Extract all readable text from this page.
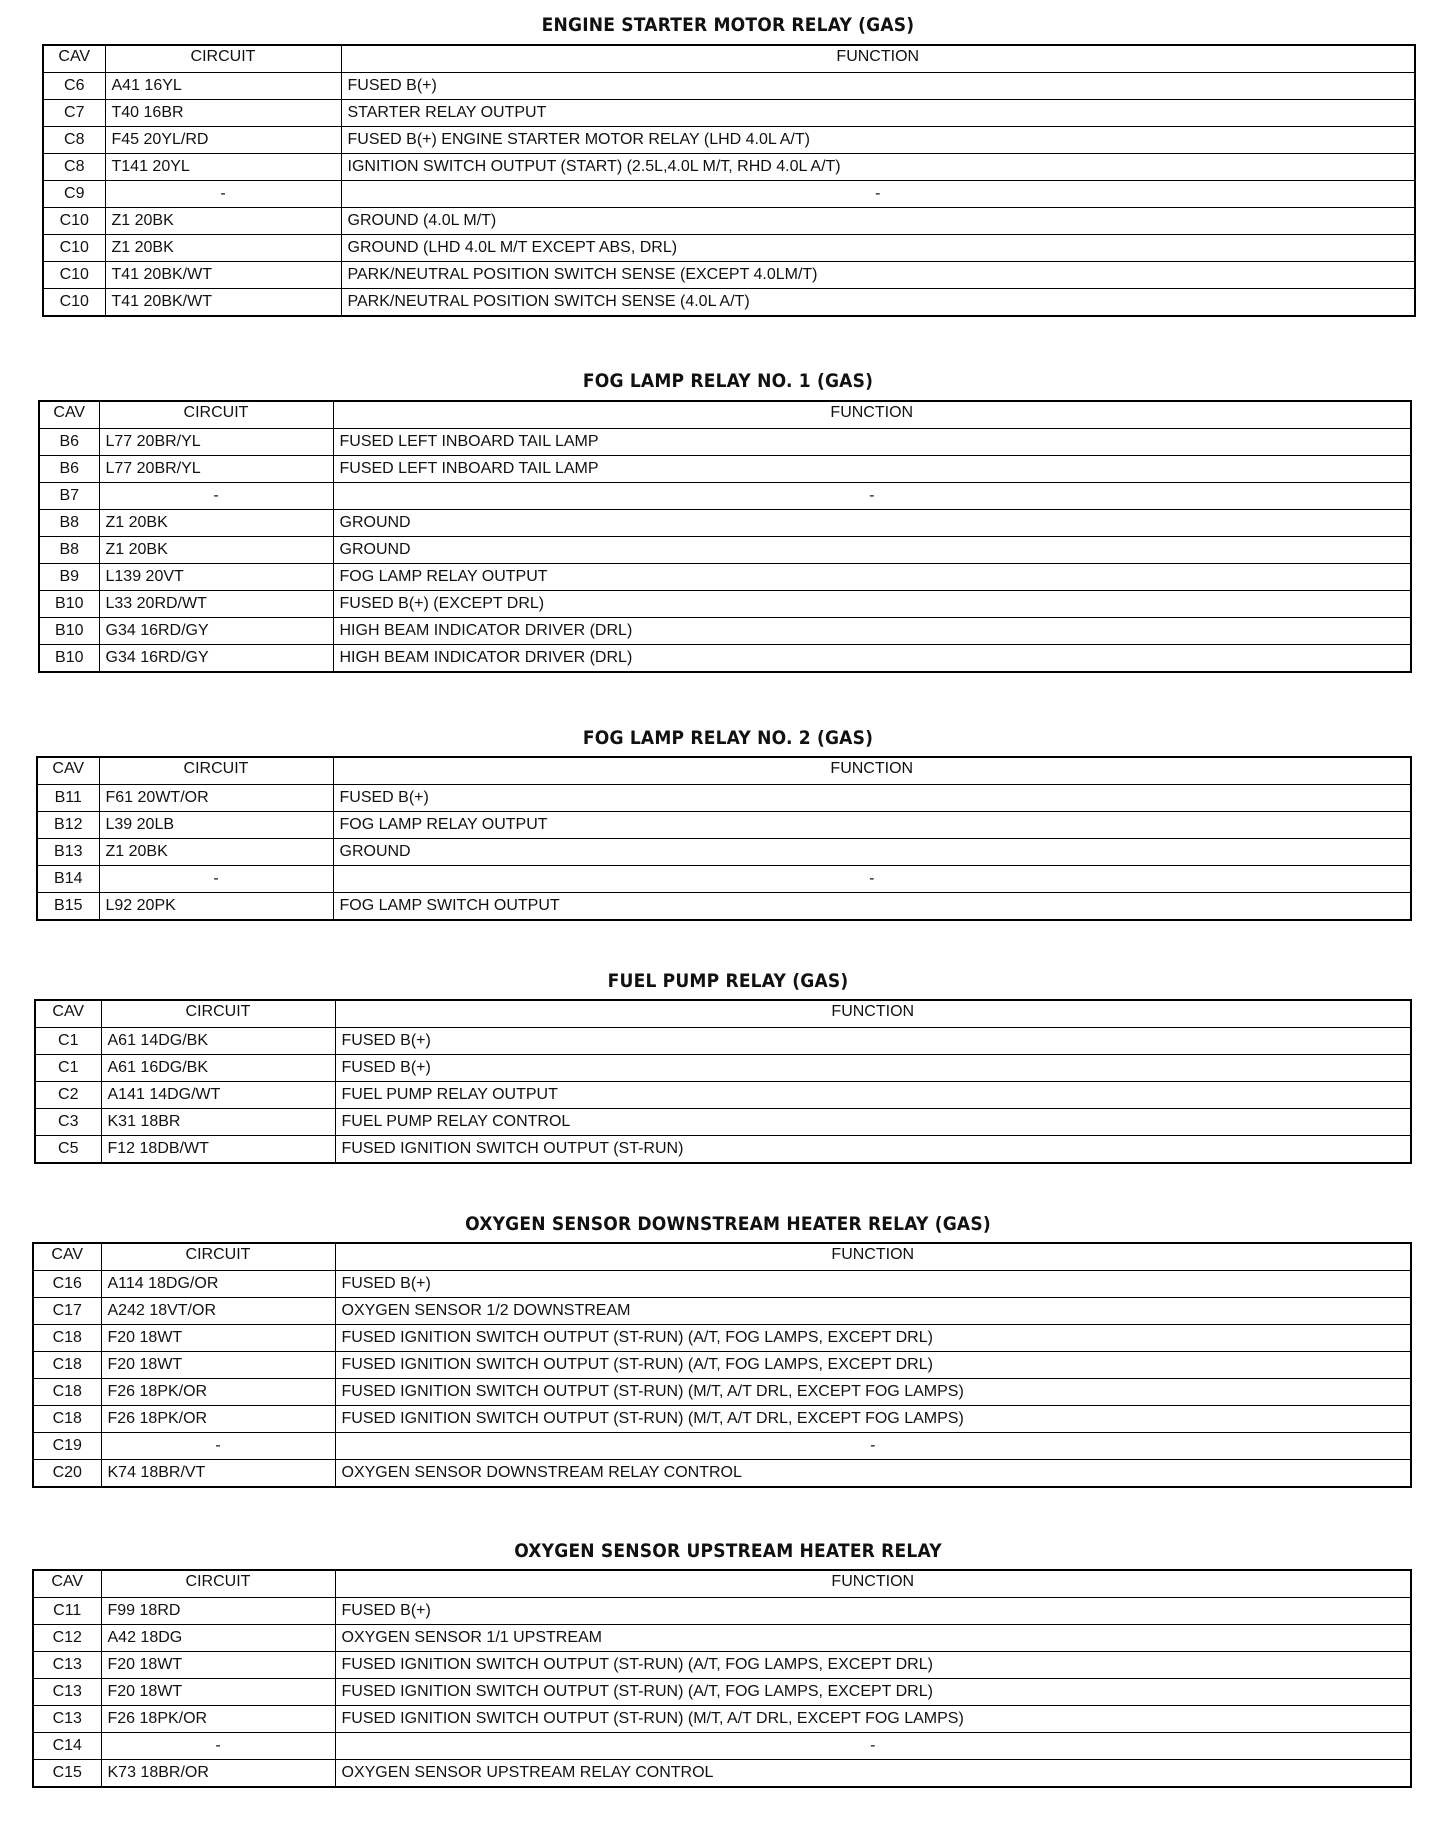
ENGINE STARTER MOTOR RELAY (GAS)
CAV	CIRCUIT	FUNCTION
C6	A41 16YL	FUSED B(+)
C7	T40 16BR	STARTER RELAY OUTPUT
C8	F45 20YL/RD	FUSED B(+) ENGINE STARTER MOTOR RELAY (LHD 4.0L A/T)
C8	T141 20YL	IGNITION SWITCH OUTPUT (START) (2.5L,4.0L M/T, RHD 4.0L A/T)
C9	-	-
C10	Z1 20BK	GROUND (4.0L M/T)
C10	Z1 20BK	GROUND (LHD 4.0L M/T EXCEPT ABS, DRL)
C10	T41 20BK/WT	PARK/NEUTRAL POSITION SWITCH SENSE (EXCEPT 4.0LM/T)
C10	T41 20BK/WT	PARK/NEUTRAL POSITION SWITCH SENSE (4.0L A/T)
FOG LAMP RELAY NO. 1 (GAS)
CAV	CIRCUIT	FUNCTION
B6	L77 20BR/YL	FUSED LEFT INBOARD TAIL LAMP
B6	L77 20BR/YL	FUSED LEFT INBOARD TAIL LAMP
B7	-	-
B8	Z1 20BK	GROUND
B8	Z1 20BK	GROUND
B9	L139 20VT	FOG LAMP RELAY OUTPUT
B10	L33 20RD/WT	FUSED B(+) (EXCEPT DRL)
B10	G34 16RD/GY	HIGH BEAM INDICATOR DRIVER (DRL)
B10	G34 16RD/GY	HIGH BEAM INDICATOR DRIVER (DRL)
FOG LAMP RELAY NO. 2 (GAS)
CAV	CIRCUIT	FUNCTION
B11	F61 20WT/OR	FUSED B(+)
B12	L39 20LB	FOG LAMP RELAY OUTPUT
B13	Z1 20BK	GROUND
B14	-	-
B15	L92 20PK	FOG LAMP SWITCH OUTPUT
FUEL PUMP RELAY (GAS)
CAV	CIRCUIT	FUNCTION
C1	A61 14DG/BK	FUSED B(+)
C1	A61 16DG/BK	FUSED B(+)
C2	A141 14DG/WT	FUEL PUMP RELAY OUTPUT
C3	K31 18BR	FUEL PUMP RELAY CONTROL
C5	F12 18DB/WT	FUSED IGNITION SWITCH OUTPUT (ST-RUN)
OXYGEN SENSOR DOWNSTREAM HEATER RELAY (GAS)
CAV	CIRCUIT	FUNCTION
C16	A114 18DG/OR	FUSED B(+)
C17	A242 18VT/OR	OXYGEN SENSOR 1/2 DOWNSTREAM
C18	F20 18WT	FUSED IGNITION SWITCH OUTPUT (ST-RUN) (A/T, FOG LAMPS, EXCEPT DRL)
C18	F20 18WT	FUSED IGNITION SWITCH OUTPUT (ST-RUN) (A/T, FOG LAMPS, EXCEPT DRL)
C18	F26 18PK/OR	FUSED IGNITION SWITCH OUTPUT (ST-RUN) (M/T, A/T DRL, EXCEPT FOG LAMPS)
C18	F26 18PK/OR	FUSED IGNITION SWITCH OUTPUT (ST-RUN) (M/T, A/T DRL, EXCEPT FOG LAMPS)
C19	-	-
C20	K74 18BR/VT	OXYGEN SENSOR DOWNSTREAM RELAY CONTROL
OXYGEN SENSOR UPSTREAM HEATER RELAY
CAV	CIRCUIT	FUNCTION
C11	F99 18RD	FUSED B(+)
C12	A42 18DG	OXYGEN SENSOR 1/1 UPSTREAM
C13	F20 18WT	FUSED IGNITION SWITCH OUTPUT (ST-RUN) (A/T, FOG LAMPS, EXCEPT DRL)
C13	F20 18WT	FUSED IGNITION SWITCH OUTPUT (ST-RUN) (A/T, FOG LAMPS, EXCEPT DRL)
C13	F26 18PK/OR	FUSED IGNITION SWITCH OUTPUT (ST-RUN) (M/T, A/T DRL, EXCEPT FOG LAMPS)
C14	-	-
C15	K73 18BR/OR	OXYGEN SENSOR UPSTREAM RELAY CONTROL
